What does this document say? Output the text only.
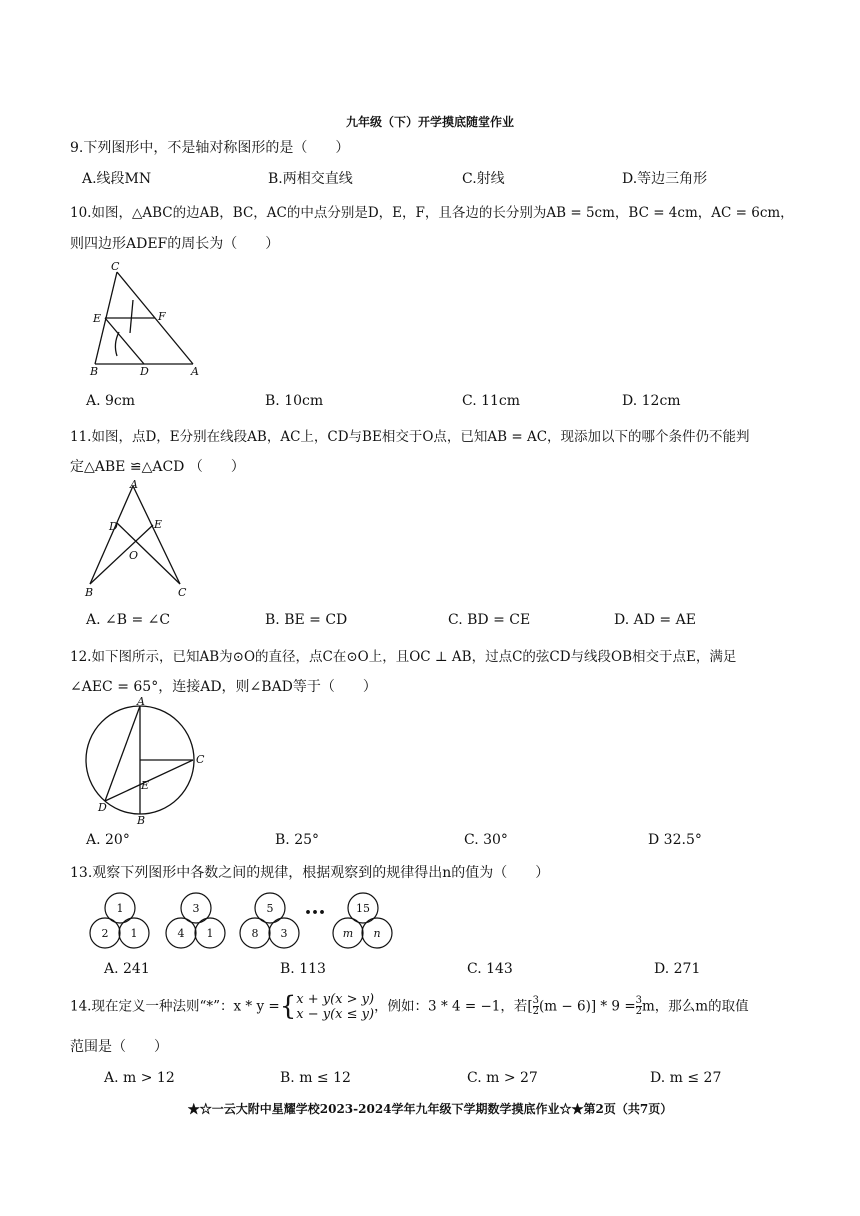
九年级（下）开学摸底随堂作业
9.下列图形中，不是轴对称图形的是（　　）
A.线段MN	B.两相交直线	C.射线	D.等边三角形
10.如图，△ABC的边AB，BC，AC的中点分别是D，E，F，且各边的长分别为AB = 5cm，BC = 4cm，AC = 6cm，
则四边形ADEF的周长为（　　）
C
E	F
B	D	A
A. 9cm	B. 10cm	C. 11cm	D. 12cm
11.如图，点D，E分别在线段AB，AC上，CD与BE相交于O点，已知AB = AC，现添加以下的哪个条件仍不能判
定△ABE ≌△ACD （　　）
A
D	E
O
B	C
A. ∠B = ∠C	B. BE = CD	C. BD = CE	D. AD = AE
12.如下图所示，已知AB为⊙O的直径，点C在⊙O上，且OC ⊥ AB，过点C的弦CD与线段OB相交于点E，满足
∠AEC = 65°，连接AD，则∠BAD等于（　　）
A
C
E
D
B
A. 20°	B. 25°	C. 30°	D 32.5°
13.观察下列图形中各数之间的规律，根据观察到的规律得出n的值为（　　）
1
2 1
3
4 1
5
8 3
•••	15
m n
A. 241	B. 113	C. 143	D. 271
14.现在定义一种法则“*”：x * y ={x + y(x > y)
x − y(x ≤ y)，例如：3 * 4 = −1，若[ $\frac{3}{2} (m - 6)] * 9 = \frac{3}{2}$ m，那么m的取值
范围是（　　）
A. m > 12	B. m ≤ 12	C. m > 27	D. m ≤ 27
★☆一云大附中星耀学校2023-2024学年九年级下学期数学摸底作业☆★第2页（共7页）
